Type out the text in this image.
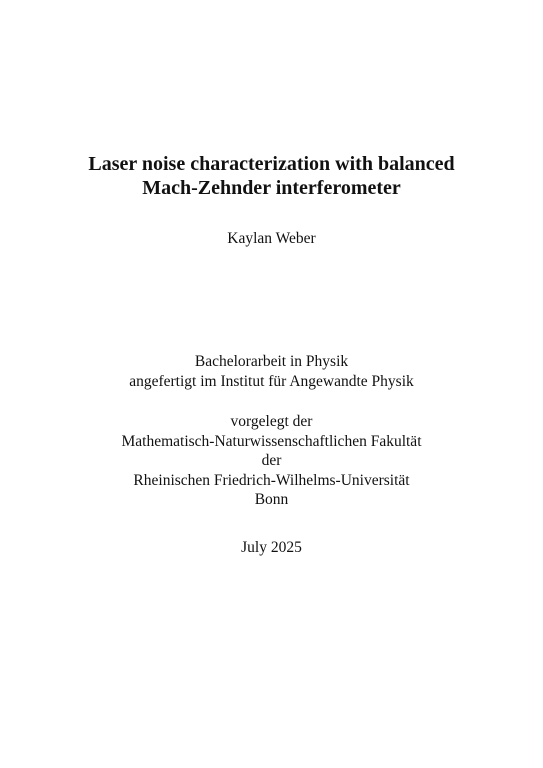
Laser noise characterization with balanced
Mach-Zehnder interferometer
Kaylan Weber
Bachelorarbeit in Physik
angefertigt im Institut für Angewandte Physik
vorgelegt der
Mathematisch-Naturwissenschaftlichen Fakultät
der
Rheinischen Friedrich-Wilhelms-Universität
Bonn
July 2025
